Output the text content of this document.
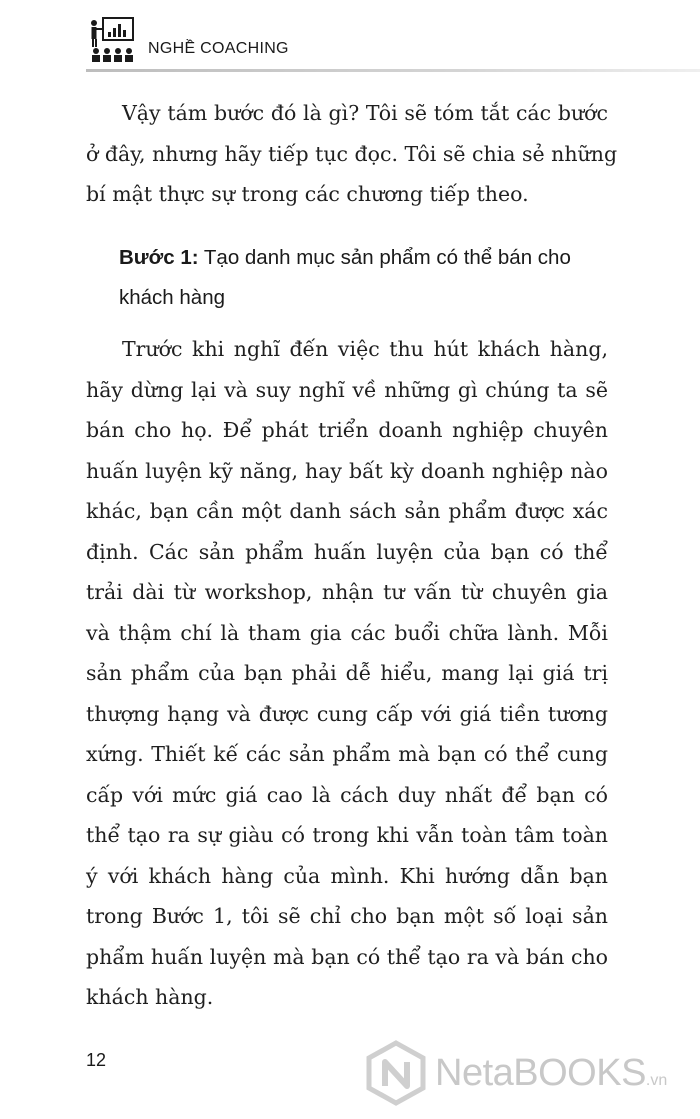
NGHỀ COACHING
Vậy tám bước đó là gì? Tôi sẽ tóm tắt các bước
ở đây, nhưng hãy tiếp tục đọc. Tôi sẽ chia sẻ những
bí mật thực sự trong các chương tiếp theo.
Bước 1: Tạo danh mục sản phẩm có thể bán cho
khách hàng
Trước khi nghĩ đến việc thu hút khách hàng,
hãy dừng lại và suy nghĩ về những gì chúng ta sẽ
bán cho họ. Để phát triển doanh nghiệp chuyên
huấn luyện kỹ năng, hay bất kỳ doanh nghiệp nào
khác, bạn cần một danh sách sản phẩm được xác
định. Các sản phẩm huấn luyện của bạn có thể
trải dài từ workshop, nhận tư vấn từ chuyên gia
và thậm chí là tham gia các buổi chữa lành. Mỗi
sản phẩm của bạn phải dễ hiểu, mang lại giá trị
thượng hạng và được cung cấp với giá tiền tương
xứng. Thiết kế các sản phẩm mà bạn có thể cung
cấp với mức giá cao là cách duy nhất để bạn có
thể tạo ra sự giàu có trong khi vẫn toàn tâm toàn
ý với khách hàng của mình. Khi hướng dẫn bạn
trong Bước 1, tôi sẽ chỉ cho bạn một số loại sản
phẩm huấn luyện mà bạn có thể tạo ra và bán cho
khách hàng.
12	NetaBOOKS.vn
